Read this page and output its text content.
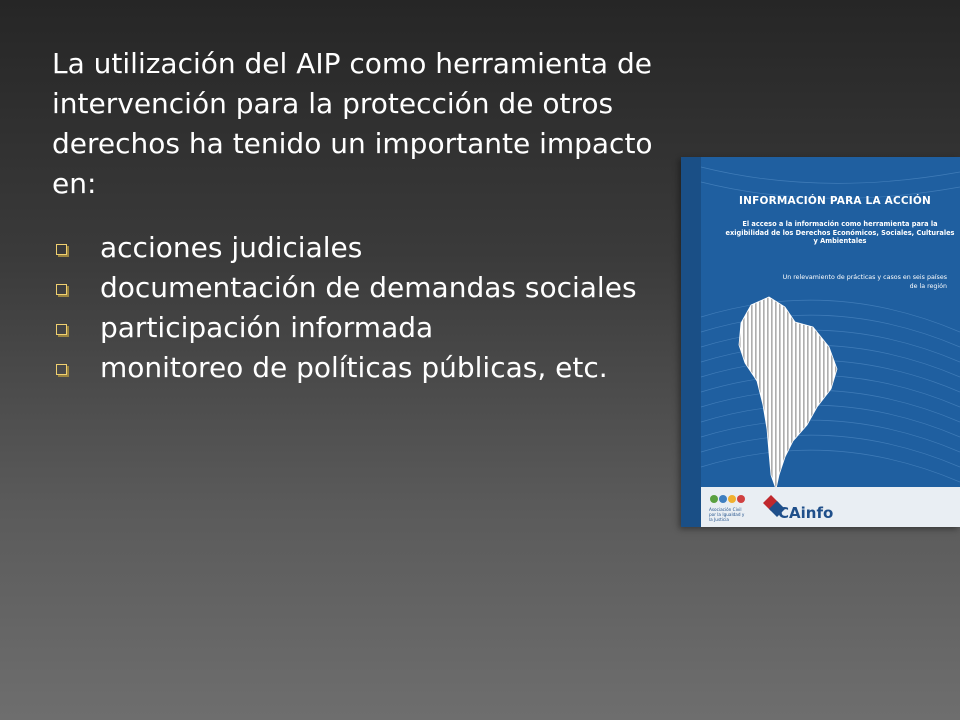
La utilización del AIP como herramienta de intervención para la protección de otros derechos ha tenido un importante impacto en:

acciones judiciales
documentación de demandas sociales
participación informada
monitoreo de políticas públicas, etc.
INFORMACIÓN PARA LA ACCIÓN
El acceso a la información como herramienta para la exigibilidad de los Derechos Económicos, Sociales, Culturales y Ambientales
Un relevamiento de prácticas y casos en seis países de la región
Asociación Civil por la Igualdad y la Justicia	CAinfo
